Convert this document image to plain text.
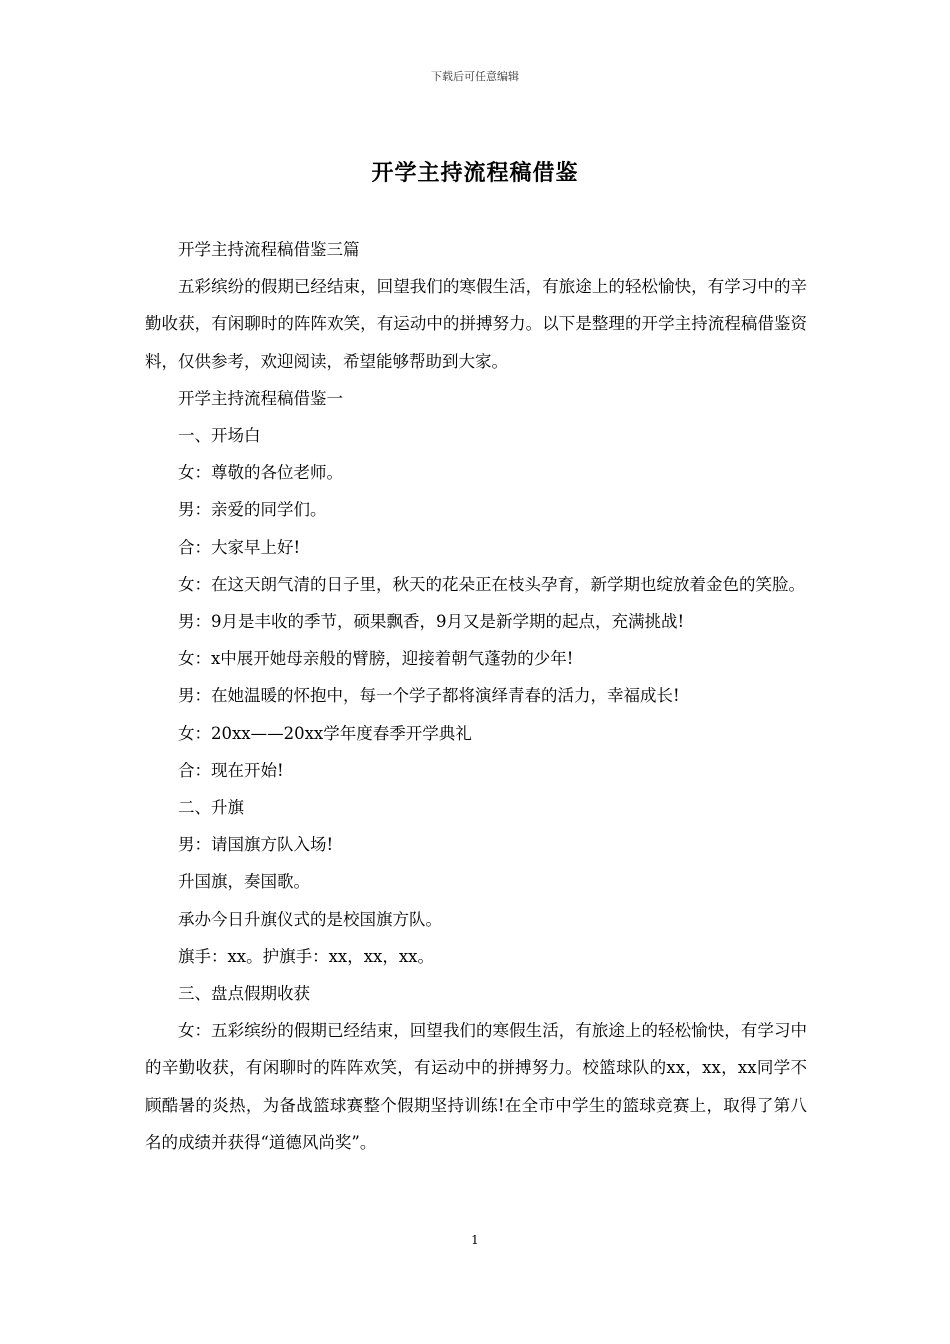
下载后可任意编辑
开学主持流程稿借鉴

开学主持流程稿借鉴三篇

五彩缤纷的假期已经结束，回望我们的寒假生活，有旅途上的轻松愉快，有学习中的辛勤收获，有闲聊时的阵阵欢笑，有运动中的拼搏努力。以下是整理的开学主持流程稿借鉴资料，仅供参考，欢迎阅读，希望能够帮助到大家。

开学主持流程稿借鉴一

一、开场白

女：尊敬的各位老师。

男：亲爱的同学们。

合：大家早上好!

女：在这天朗气清的日子里，秋天的花朵正在枝头孕育，新学期也绽放着金色的笑脸。

男：9月是丰收的季节，硕果飘香，9月又是新学期的起点，充满挑战!

女：x中展开她母亲般的臂膀，迎接着朝气蓬勃的少年!

男：在她温暖的怀抱中，每一个学子都将演绎青春的活力，幸福成长!

女：20xx——20xx学年度春季开学典礼

合：现在开始!

二、升旗

男：请国旗方队入场!

升国旗，奏国歌。

承办今日升旗仪式的是校国旗方队。

旗手：xx。护旗手：xx，xx，xx。

三、盘点假期收获

女：五彩缤纷的假期已经结束，回望我们的寒假生活，有旅途上的轻松愉快，有学习中的辛勤收获，有闲聊时的阵阵欢笑，有运动中的拼搏努力。校篮球队的xx，xx，xx同学不顾酷暑的炎热，为备战篮球赛整个假期坚持训练!在全市中学生的篮球竞赛上，取得了第八名的成绩并获得“道德风尚奖”。

1
